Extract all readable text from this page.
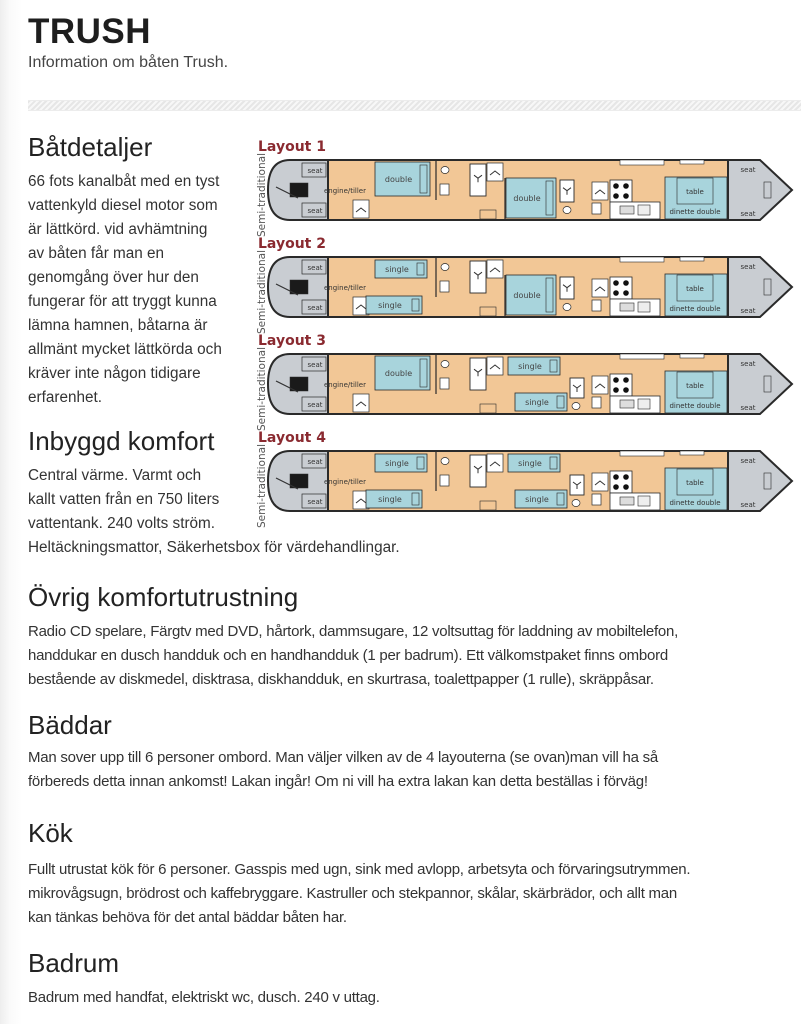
TRUSH
Information om båten Trush.
Båtdetaljer
66 fots kanalbåt med en tyst
vattenkyld diesel motor som
är lättkörd. vid avhämtning
av båten får man en
genomgång över hur den
fungerar för att tryggt kunna
lämna hamnen, båtarna är
allmänt mycket lättkörda och
kräver inte någon tidigare
erfarenhet.
Inbyggd komfort
Central värme. Varmt och
kallt vatten från en 750 liters
vattentank. 240 volts ström.
Heltäckningsmattor, Säkerhetsbox för värdehandlingar.
Övrig komfortutrustning
Radio CD spelare, Färgtv med DVD, hårtork, dammsugare, 12 voltsuttag för laddning av mobiltelefon,
handdukar en dusch handduk och en handhandduk (1 per badrum). Ett välkomstpaket finns ombord
bestående av diskmedel, disktrasa, diskhandduk, en skurtrasa, toalettpapper (1 rulle), skräppåsar.
Bäddar
Man sover upp till 6 personer ombord. Man väljer vilken av de 4 layouterna (se ovan)man vill ha så
förbereds detta innan ankomst! Lakan ingår! Om ni vill ha extra lakan kan detta beställas i förväg!
Kök
Fullt utrustat kök för 6 personer. Gasspis med ugn, sink med avlopp, arbetsyta och förvaringsutrymmen.
mikrovågsugn, brödrost och kaffebryggare. Kastruller och stekpannor, skålar, skärbrädor, och allt man
kan tänkas behöva för det antal bäddar båten har.
Badrum
Badrum med handfat, elektriskt wc, dusch. 240 v uttag.
Layout 1
Semi-traditional	seat
seat
engine/tiller
double
double
table
dinette double
seat
seat
Layout 2
Semi-traditional	seat
seat
engine/tiller
single
single
double
table
dinette double
seat
seat
Layout 3
Semi-traditional	seat
seat
engine/tiller
double
single
single
table
dinette double
seat
seat
Layout 4
Semi-traditional	seat
seat
engine/tiller
single
single
single
single
table
dinette double
seat
seat
